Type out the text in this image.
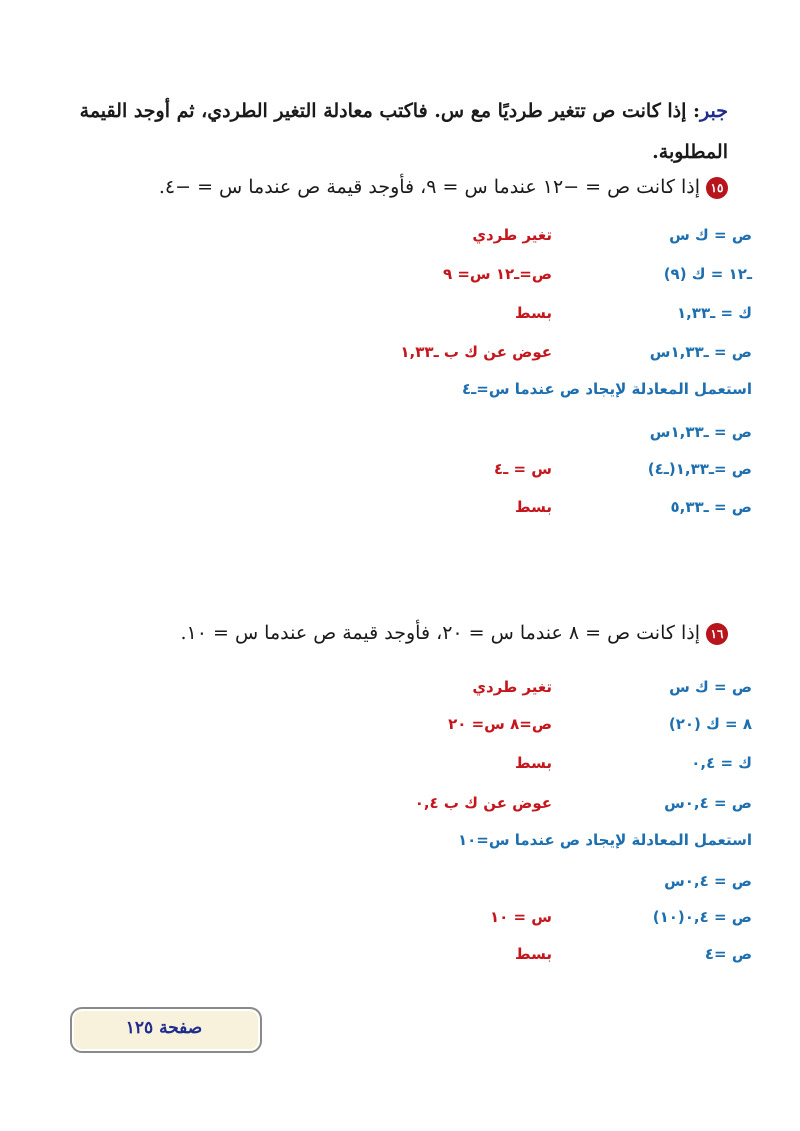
جبر: إذا كانت ص تتغير طرديًا مع س. فاكتب معادلة التغير الطردي، ثم أوجد القيمة
المطلوبة.
١٥إذا كانت ص = −١٢ عندما س = ٩، فأوجد قيمة ص عندما س = −٤.
ص = ك س
تغير طردي
ـ١٢ = ك (٩)
ص=ـ١٢ س= ٩
ك = ـ١,٣٣
بسط
ص = ـ١,٣٣س
عوض عن ك ب ـ١,٣٣
استعمل المعادلة لإيجاد ص عندما س=ـ٤
ص = ـ١,٣٣س
ص =ـ١,٣٣(ـ٤)
س = ـ٤
ص = ـ٥,٣٣
بسط
١٦إذا كانت ص = ٨ عندما س = ٢٠، فأوجد قيمة ص عندما س = ١٠.
ص = ك س
تغير طردي
٨ = ك (٢٠)
ص=٨ س= ٢٠
ك = ٠,٤
بسط
ص = ٠,٤س
عوض عن ك ب ٠,٤
استعمل المعادلة لإيجاد ص عندما س=١٠
ص = ٠,٤س
ص = ٠,٤(١٠)
س = ١٠
ص =٤
بسط
صفحة ١٢٥
